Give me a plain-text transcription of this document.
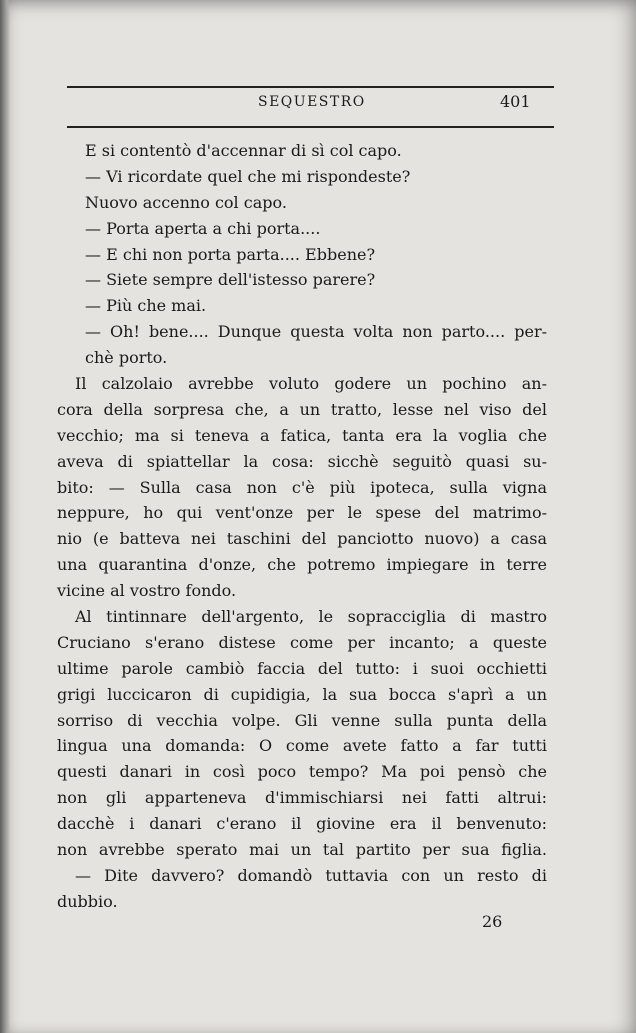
SEQUESTRO	401
E si contentò d'accennar di sì col capo.
— Vi ricordate quel che mi rispondeste?
Nuovo accenno col capo.
— Porta aperta a chi porta....
— E chi non porta parta.... Ebbene?
— Siete sempre dell'istesso parere?
— Più che mai.
— Oh! bene.... Dunque questa volta non parto.... per-
chè porto.
Il calzolaio avrebbe voluto godere un pochino an-
cora della sorpresa che, a un tratto, lesse nel viso del
vecchio; ma si teneva a fatica, tanta era la voglia che
aveva di spiattellar la cosa: sicchè seguitò quasi su-
bito: — Sulla casa non c'è più ipoteca, sulla vigna
neppure, ho qui vent'onze per le spese del matrimo-
nio (e batteva nei taschini del panciotto nuovo) a casa
una quarantina d'onze, che potremo impiegare in terre
vicine al vostro fondo.
Al tintinnare dell'argento, le sopracciglia di mastro
Cruciano s'erano distese come per incanto; a queste
ultime parole cambiò faccia del tutto: i suoi occhietti
grigi luccicaron di cupidigia, la sua bocca s'aprì a un
sorriso di vecchia volpe. Gli venne sulla punta della
lingua una domanda: O come avete fatto a far tutti
questi danari in così poco tempo? Ma poi pensò che
non gli apparteneva d'immischiarsi nei fatti altrui:
dacchè i danari c'erano il giovine era il benvenuto:
non avrebbe sperato mai un tal partito per sua figlia.
— Dite davvero? domandò tuttavia con un resto di
dubbio.
26
